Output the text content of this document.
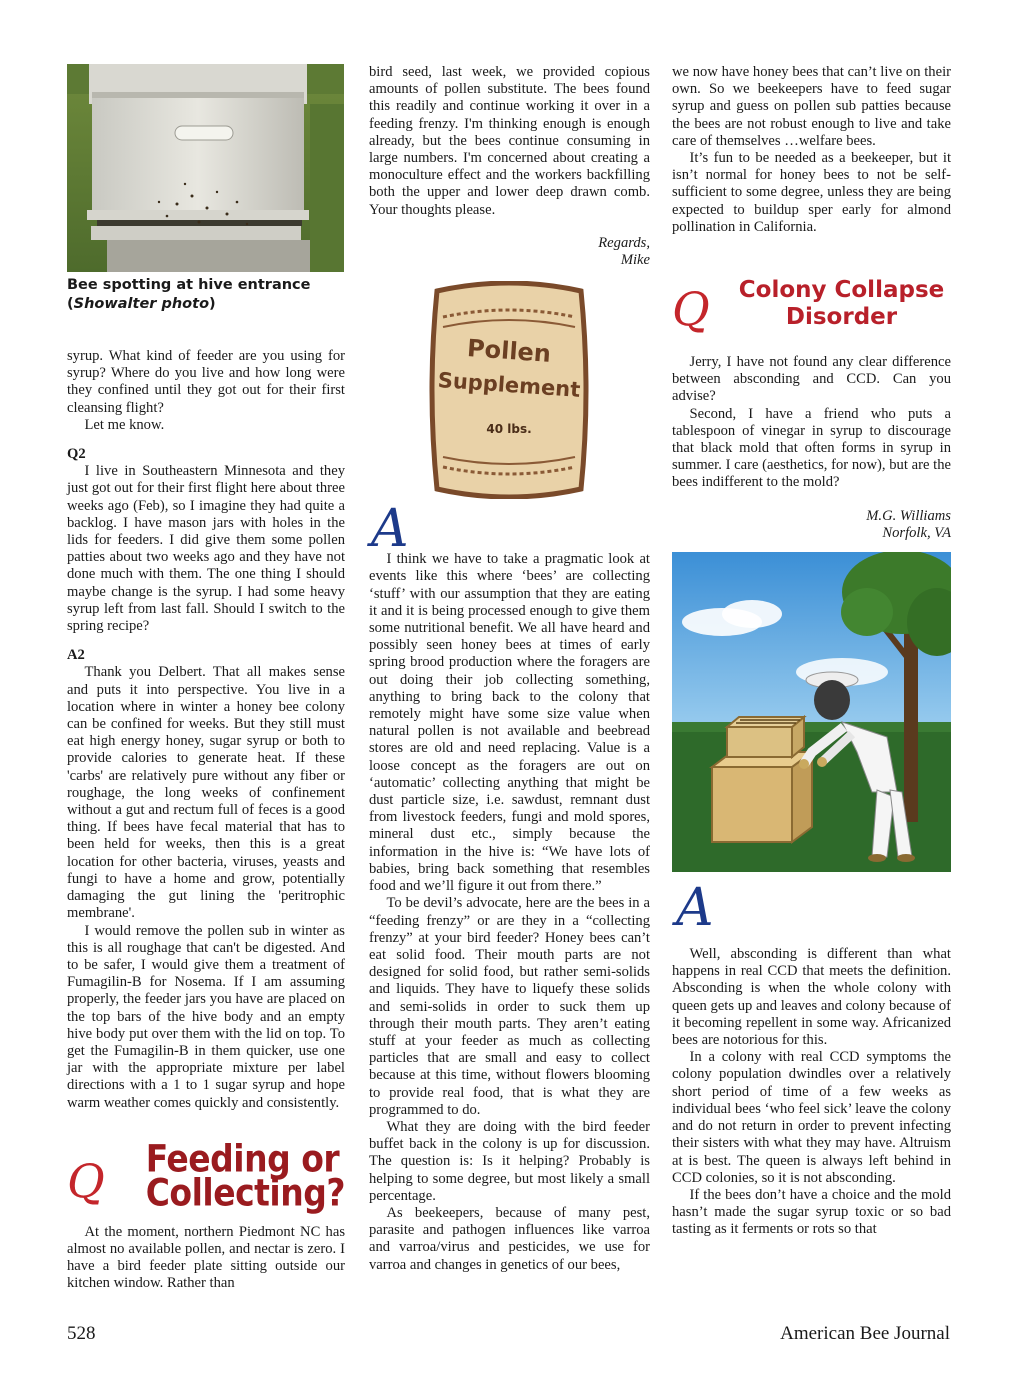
Bee spotting at hive entrance (Showalter photo)

syrup. What kind of feeder are you using for syrup? Where do you live and how long were they confined until they got out for their first cleansing flight?

Let me know.

Q2

I live in Southeastern Minnesota and they just got out for their first flight here about three weeks ago (Feb), so I imagine they had quite a backlog. I have mason jars with holes in the lids for feeders. I did give them some pollen patties about two weeks ago and they have not done much with them. The one thing I should maybe change is the syrup. I had some heavy syrup left from last fall. Should I switch to the spring recipe?

A2

Thank you Delbert. That all makes sense and puts it into perspective. You live in a location where in winter a honey bee colony can be confined for weeks. But they still must eat high energy honey, sugar syrup or both to provide calories to generate heat. If these 'carbs' are relatively pure without any fiber or roughage, the long weeks of confinement without a gut and rectum full of feces is a good thing. If bees have fecal material that has to been held for weeks, then this is a great location for other bacteria, viruses, yeasts and fungi to have a home and grow, potentially damaging the gut lining the 'peritrophic membrane'.

I would remove the pollen sub in winter as this is all roughage that can't be digested. And to be safer, I would give them a treatment of Fumagilin-B for Nosema. If I am assuming properly, the feeder jars you have are placed on the top bars of the hive body and an empty hive body put over them with the lid on top. To get the Fumagilin-B in them quicker, use one jar with the appropriate mixture per label directions with a 1 to 1 sugar syrup and hope warm weather comes quickly and consistently.

Q	Feeding or
Collecting?

At the moment, northern Piedmont NC has almost no available pollen, and nectar is zero. I have a bird feeder plate sitting outside our kitchen window. Rather than

bird seed, last week, we provided copious amounts of pollen substitute. The bees found this readily and continue working it over in a feeding frenzy. I'm thinking enough is enough already, but the bees continue consuming in large numbers. I'm concerned about creating a monoculture effect and the workers backfilling both the upper and lower deep drawn comb. Your thoughts please.

Regards,

Mike

Pollen
Supplement
40 lbs.
A

I think we have to take a pragmatic look at events like this where ‘bees’ are collecting ‘stuff’ with our assumption that they are eating it and it is being processed enough to give them some nutritional benefit. We all have heard and possibly seen honey bees at times of early spring brood production where the foragers are out doing their job collecting something, anything to bring back to the colony that remotely might have some size value when natural pollen is not available and beebread stores are old and need replacing. Value is a loose concept as the foragers are out on ‘automatic’ collecting anything that might be dust particle size, i.e. sawdust, remnant dust from livestock feeders, fungi and mold spores, mineral dust etc., simply because the information in the hive is: “We have lots of babies, bring back something that resembles food and we’ll figure it out from there.”

To be devil’s advocate, here are the bees in a “feeding frenzy” or are they in a “collecting frenzy” at your bird feeder? Honey bees can’t eat solid food. Their mouth parts are not designed for solid food, but rather semi-solids and liquids. They have to liquefy these solids and semi-solids in order to suck them up through their mouth parts. They aren’t eating stuff at your feeder as much as collecting particles that are small and easy to collect because at this time, without flowers blooming to provide real food, that is what they are programmed to do.

What they are doing with the bird feeder buffet back in the colony is up for discussion. The question is: Is it helping? Probably is helping to some degree, but most likely a small percentage.

As beekeepers, because of many pest, parasite and pathogen influences like varroa and varroa/virus and pesticides, we use for varroa and changes in genetics of our bees,

we now have honey bees that can’t live on their own. So we beekeepers have to feed sugar syrup and guess on pollen sub patties because the bees are not robust enough to live and take care of themselves …welfare bees.

It’s fun to be needed as a beekeeper, but it isn’t normal for honey bees to not be self-sufficient to some degree, unless they are being expected to buildup sper early for almond pollination in California.

Q	Colony Collapse
Disorder

Jerry, I have not found any clear difference between absconding and CCD. Can you advise?

Second, I have a friend who puts a tablespoon of vinegar in syrup to discourage that black mold that often forms in syrup in summer. I care (aesthetics, for now), but are the bees indifferent to the mold?

M.G. Williams

Norfolk, VA

A

Well, absconding is different than what happens in real CCD that meets the definition. Absconding is when the whole colony with queen gets up and leaves and colony because of it becoming repellent in some way. Africanized bees are notorious for this.

In a colony with real CCD symptoms the colony population dwindles over a relatively short period of time of a few weeks as individual bees ‘who feel sick’ leave the colony and do not return in order to prevent infecting their sisters with what they may have. Altruism at is best. The queen is always left behind in CCD colonies, so it is not absconding.

If the bees don’t have a choice and the mold hasn’t made the sugar syrup toxic or so bad tasting as it ferments or rots so that

528	American Bee Journal
